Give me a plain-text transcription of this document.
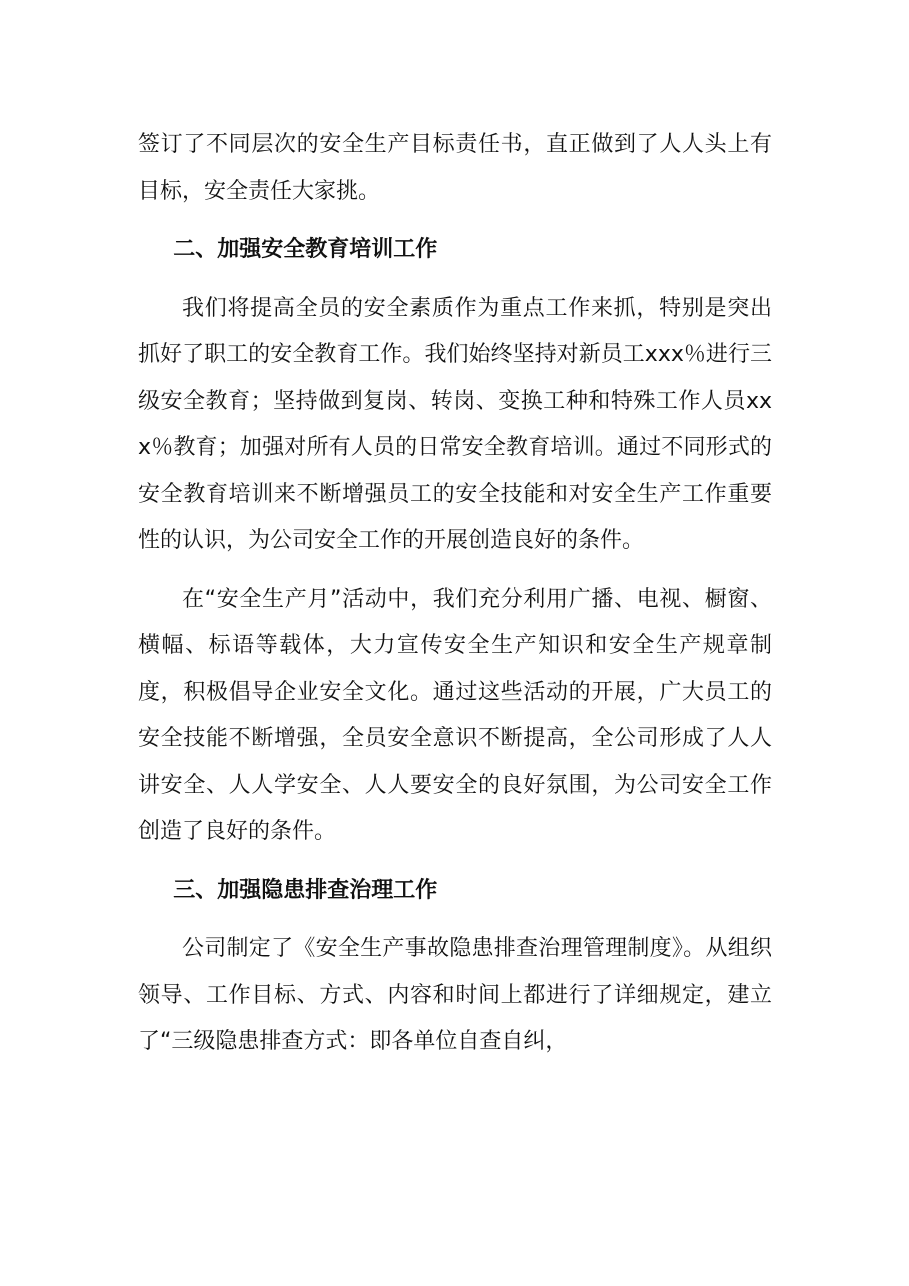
签订了不同层次的安全生产目标责任书，直正做到了人人头上有目标，安全责任大家挑。

二、加强安全教育培训工作

我们将提高全员的安全素质作为重点工作来抓，特别是突出抓好了职工的安全教育工作。我们始终坚持对新员工xxx％进行三级安全教育；坚持做到复岗、转岗、变换工种和特殊工作人员xxx％教育；加强对所有人员的日常安全教育培训。通过不同形式的安全教育培训来不断增强员工的安全技能和对安全生产工作重要性的认识，为公司安全工作的开展创造良好的条件。

在“安全生产月”活动中，我们充分利用广播、电视、橱窗、横幅、标语等载体，大力宣传安全生产知识和安全生产规章制度，积极倡导企业安全文化。通过这些活动的开展，广大员工的安全技能不断增强，全员安全意识不断提高，全公司形成了人人讲安全、人人学安全、人人要安全的良好氛围，为公司安全工作创造了良好的条件。

三、加强隐患排查治理工作

公司制定了《安全生产事故隐患排查治理管理制度》。从组织领导、工作目标、方式、内容和时间上都进行了详细规定，建立了“三级隐患排查方式：即各单位自查自纠，
